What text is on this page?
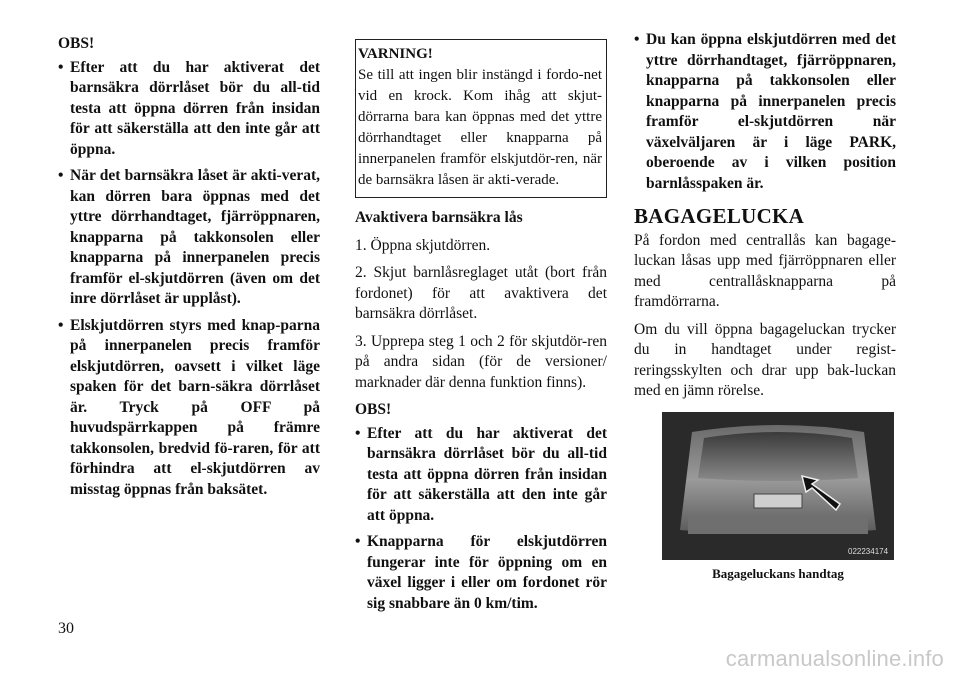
OBS!
• Efter att du har aktiverat det barnsäkra dörrlåset bör du all-tid testa att öppna dörren från insidan för att säkerställa att den inte går att öppna.
• När det barnsäkra låset är akti-verat, kan dörren bara öppnas med det yttre dörrhandtaget, fjärröppnaren, knapparna på takkonsolen eller knapparna på innerpanelen precis framför el-skjutdörren (även om det inre dörrlåset är upplåst).
• Elskjutdörren styrs med knap-parna på innerpanelen precis framför elskjutdörren, oavsett i vilket läge spaken för det barn-säkra dörrlåset är. Tryck på OFF på huvudspärrkappen på främre takkonsolen, bredvid fö-raren, för att förhindra att el-skjutdörren av misstag öppnas från baksätet.
VARNING!
Se till att ingen blir instängd i fordo-net vid en krock. Kom ihåg att skjut-dörrarna bara kan öppnas med det yttre dörrhandtaget eller knapparna på innerpanelen framför elskjutdör-ren, när de barnsäkra låsen är akti-verade.
Avaktivera barnsäkra lås

1. Öppna skjutdörren.

2. Skjut barnlåsreglaget utåt (bort från fordonet) för att avaktivera det barnsäkra dörrlåset.

3. Upprepa steg 1 och 2 för skjutdör-ren på andra sidan (för de versioner/ marknader där denna funktion finns).

OBS!
• Efter att du har aktiverat det barnsäkra dörrlåset bör du all-tid testa att öppna dörren från insidan för att säkerställa att den inte går att öppna.
• Knapparna för elskjutdörren fungerar inte för öppning om en växel ligger i eller om fordonet rör sig snabbare än 0 km/tim.
• Du kan öppna elskjutdörren med det yttre dörrhandtaget, fjärröppnaren, knapparna på takkonsolen eller knapparna på innerpanelen precis framför el-skjutdörren när växelväljaren är i läge PARK, oberoende av i vilken position barnlåsspaken är.
BAGAGELUCKA

På fordon med centrallås kan bagage-luckan låsas upp med fjärröppnaren eller med centrallåsknapparna på framdörrarna.

Om du vill öppna bagageluckan trycker du in handtaget under regist-reringsskylten och drar upp bak-luckan med en jämn rörelse.

022234174
Bagageluckans handtag
30
carmanualsonline.info
